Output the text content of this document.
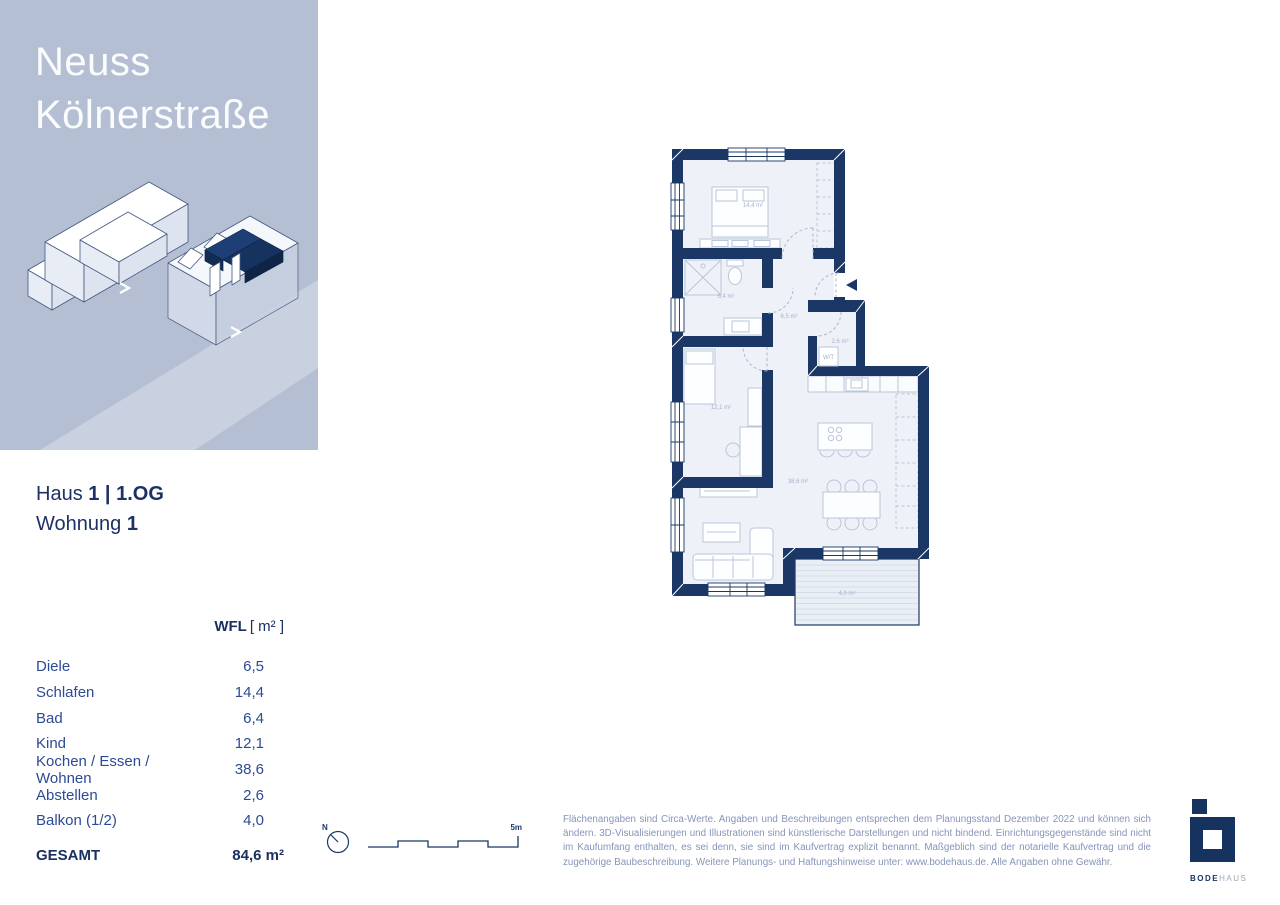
Neuss
Kölnerstraße
Haus 1 | 1.OG
Wohnung 1
WFL [ m² ]
Diele	6,5
Schlafen	14,4
Bad	6,4
Kind	12,1
Kochen / Essen / Wohnen	38,6
Abstellen	2,6
Balkon (1/2)	4,0
GESAMT	84,6 m²
4,0 m²
W/T
14,4 m²
6,4 m²
6,5 m²
2,6 m²
12,1 m²
38,6 m²
N	5m
Flächenangaben sind Circa-Werte. Angaben und Beschreibungen entsprechen dem Planungsstand Dezember 2022 und können sich ändern. 3D-Visualisierungen und Illustrationen sind künstlerische Darstellungen und nicht bindend. Einrichtungsgegenstände sind nicht im Kaufumfang enthalten, es sei denn, sie sind im Kaufvertrag explizit benannt. Maßgeblich sind der notarielle Kaufvertrag und die zugehörige Baubeschreibung. Weitere Planungs- und Haftungshinweise unter: www.bodehaus.de. Alle Angaben ohne Gewähr.
BODEHAUS
